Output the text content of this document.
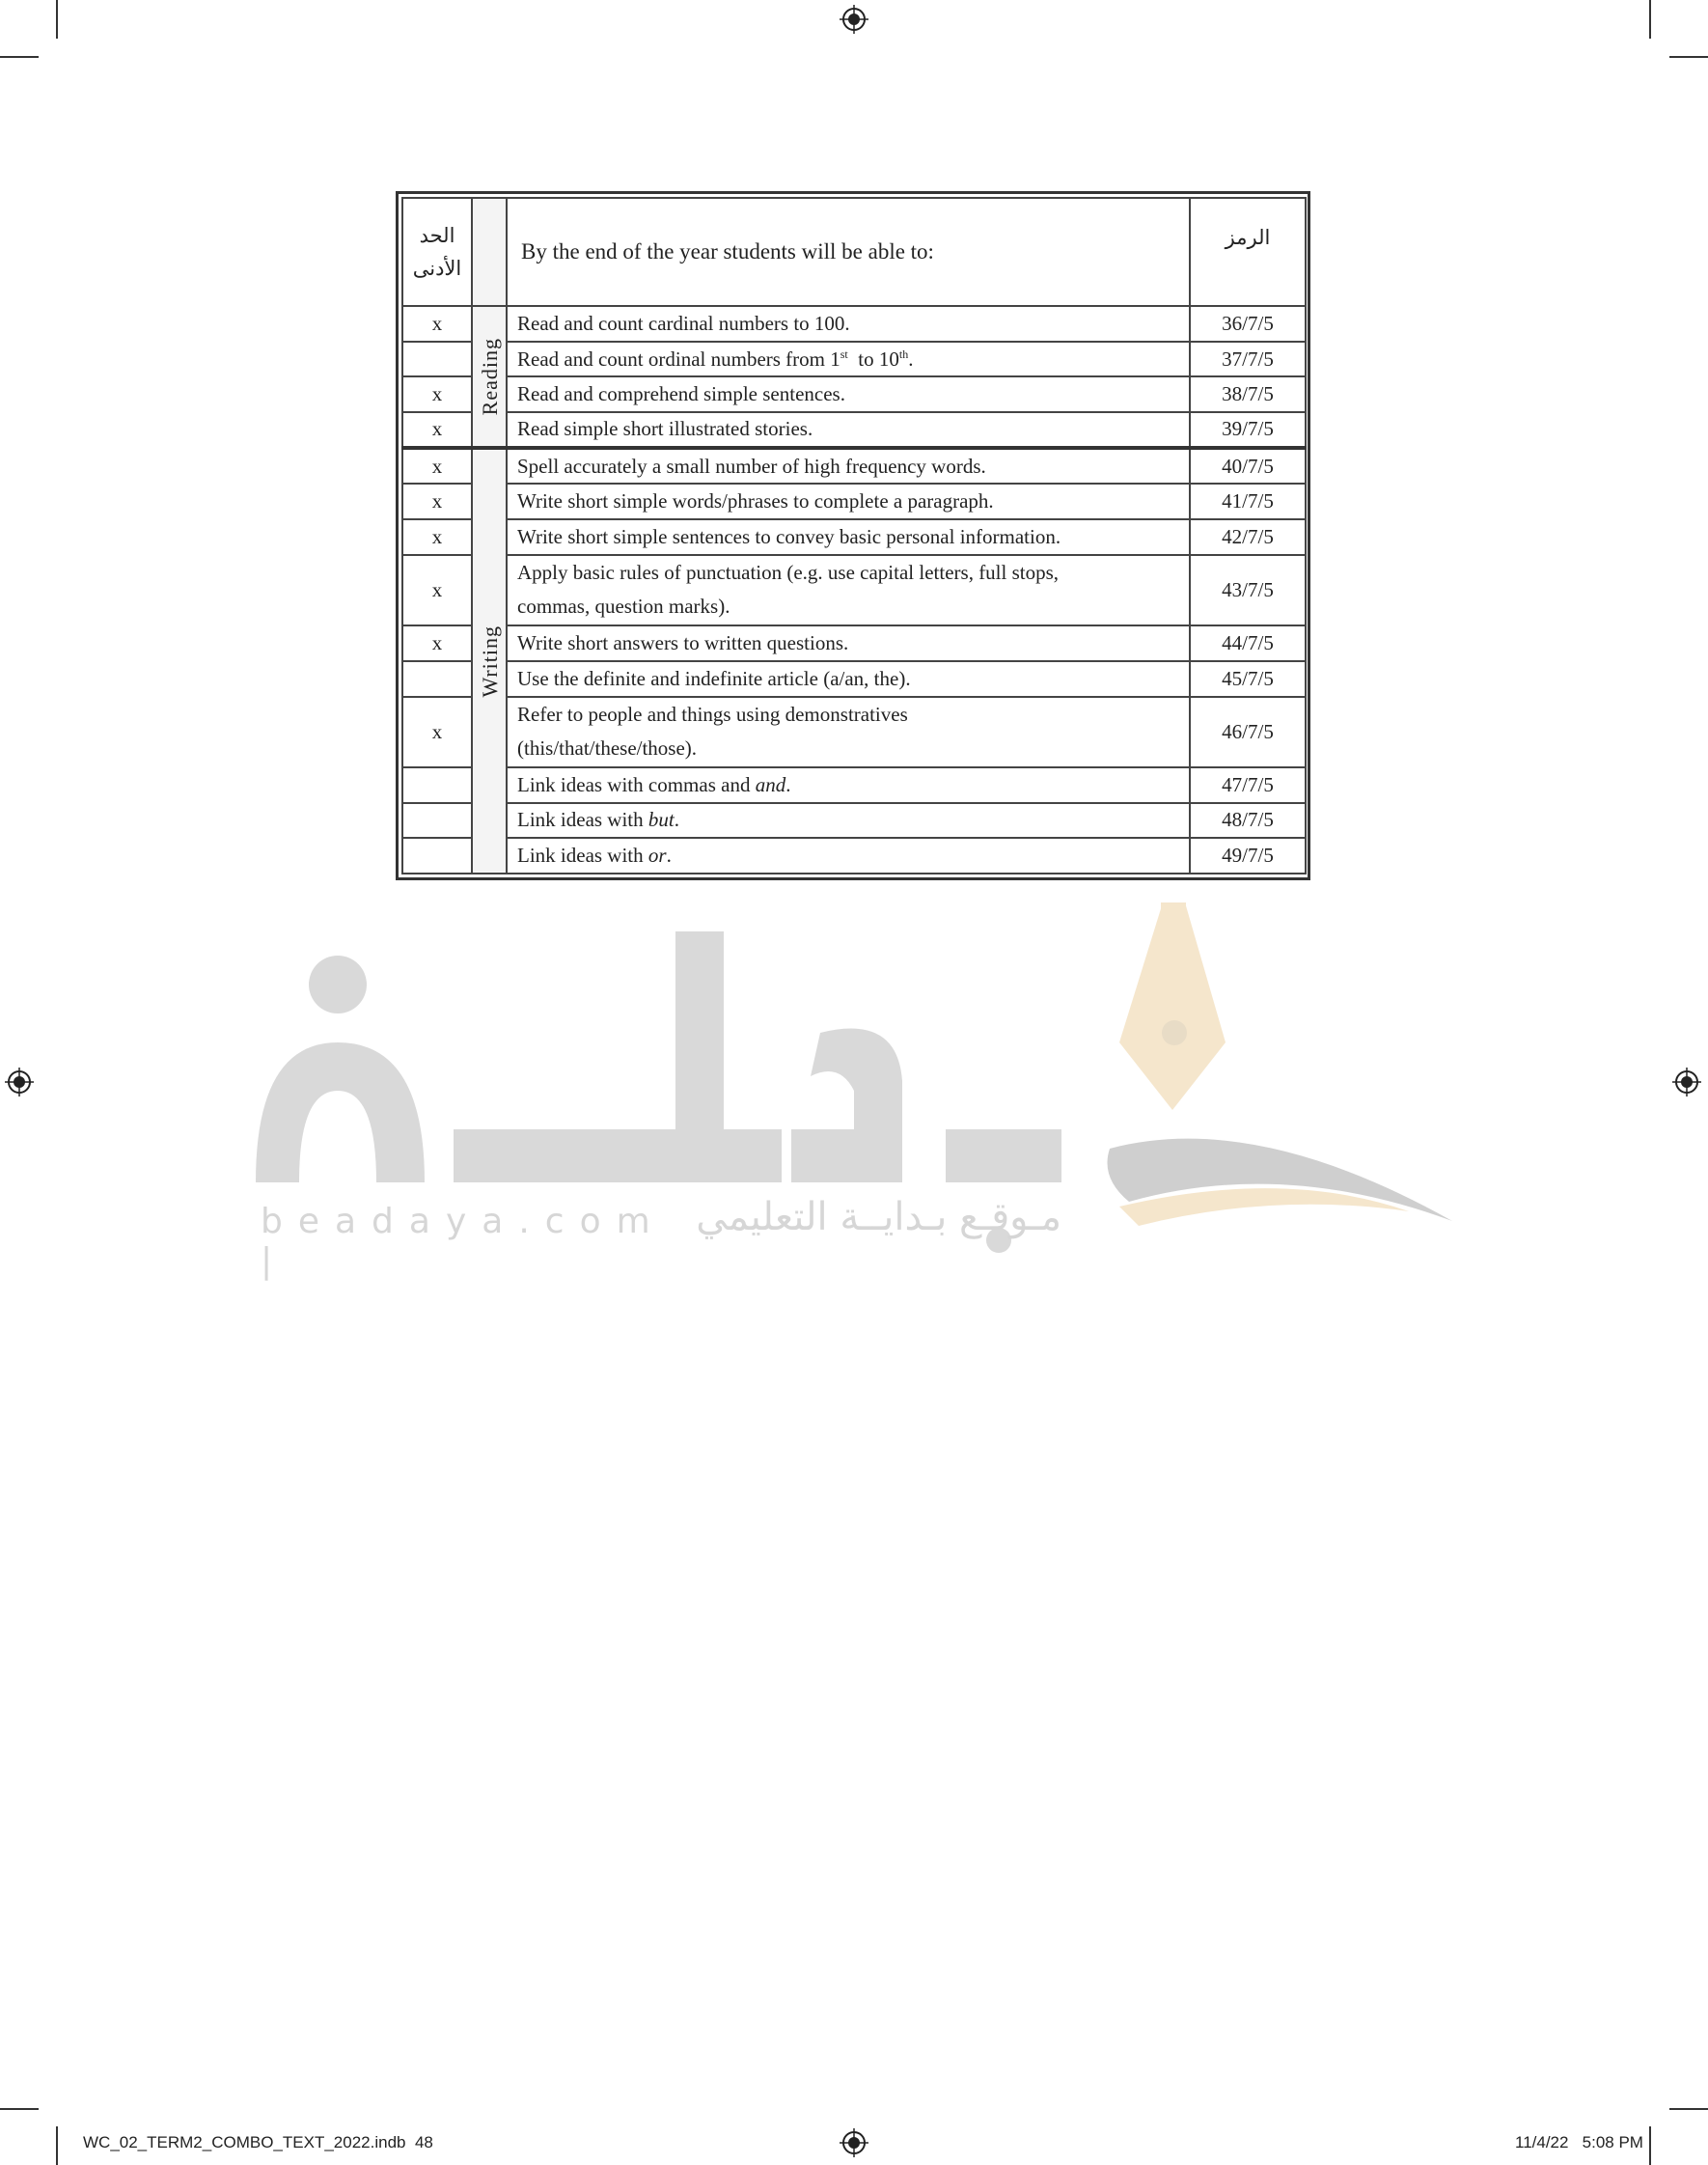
beadaya.com |
مـوقـع بـدايــة التعليمي
الحد
الأدنى		By the end of the year students will be able to:	الرمز

x	Reading	Read and count cardinal numbers to 100.	36/7/5
		Read and count ordinal numbers from 1st  to 10th.	37/7/5
x		Read and comprehend simple sentences.	38/7/5
x		Read simple short illustrated stories.	39/7/5
x	Writing	Spell accurately a small number of high frequency words.	40/7/5
x		Write short simple words/phrases to complete a paragraph.	41/7/5
x		Write short simple sentences to convey basic personal information.	42/7/5
x		Apply basic rules of punctuation (e.g. use capital letters, full stops,
commas, question marks).	43/7/5
x		Write short answers to written questions.	44/7/5
		Use the definite and indefinite article (a/an, the).	45/7/5
x		Refer to people and things using demonstratives
(this/that/these/those).	46/7/5
		Link ideas with commas and and.	47/7/5
		Link ideas with but.	48/7/5
		Link ideas with or.	49/7/5
WC_02_TERM2_COMBO_TEXT_2022.indb 48	11/4/22 5:08 PM
